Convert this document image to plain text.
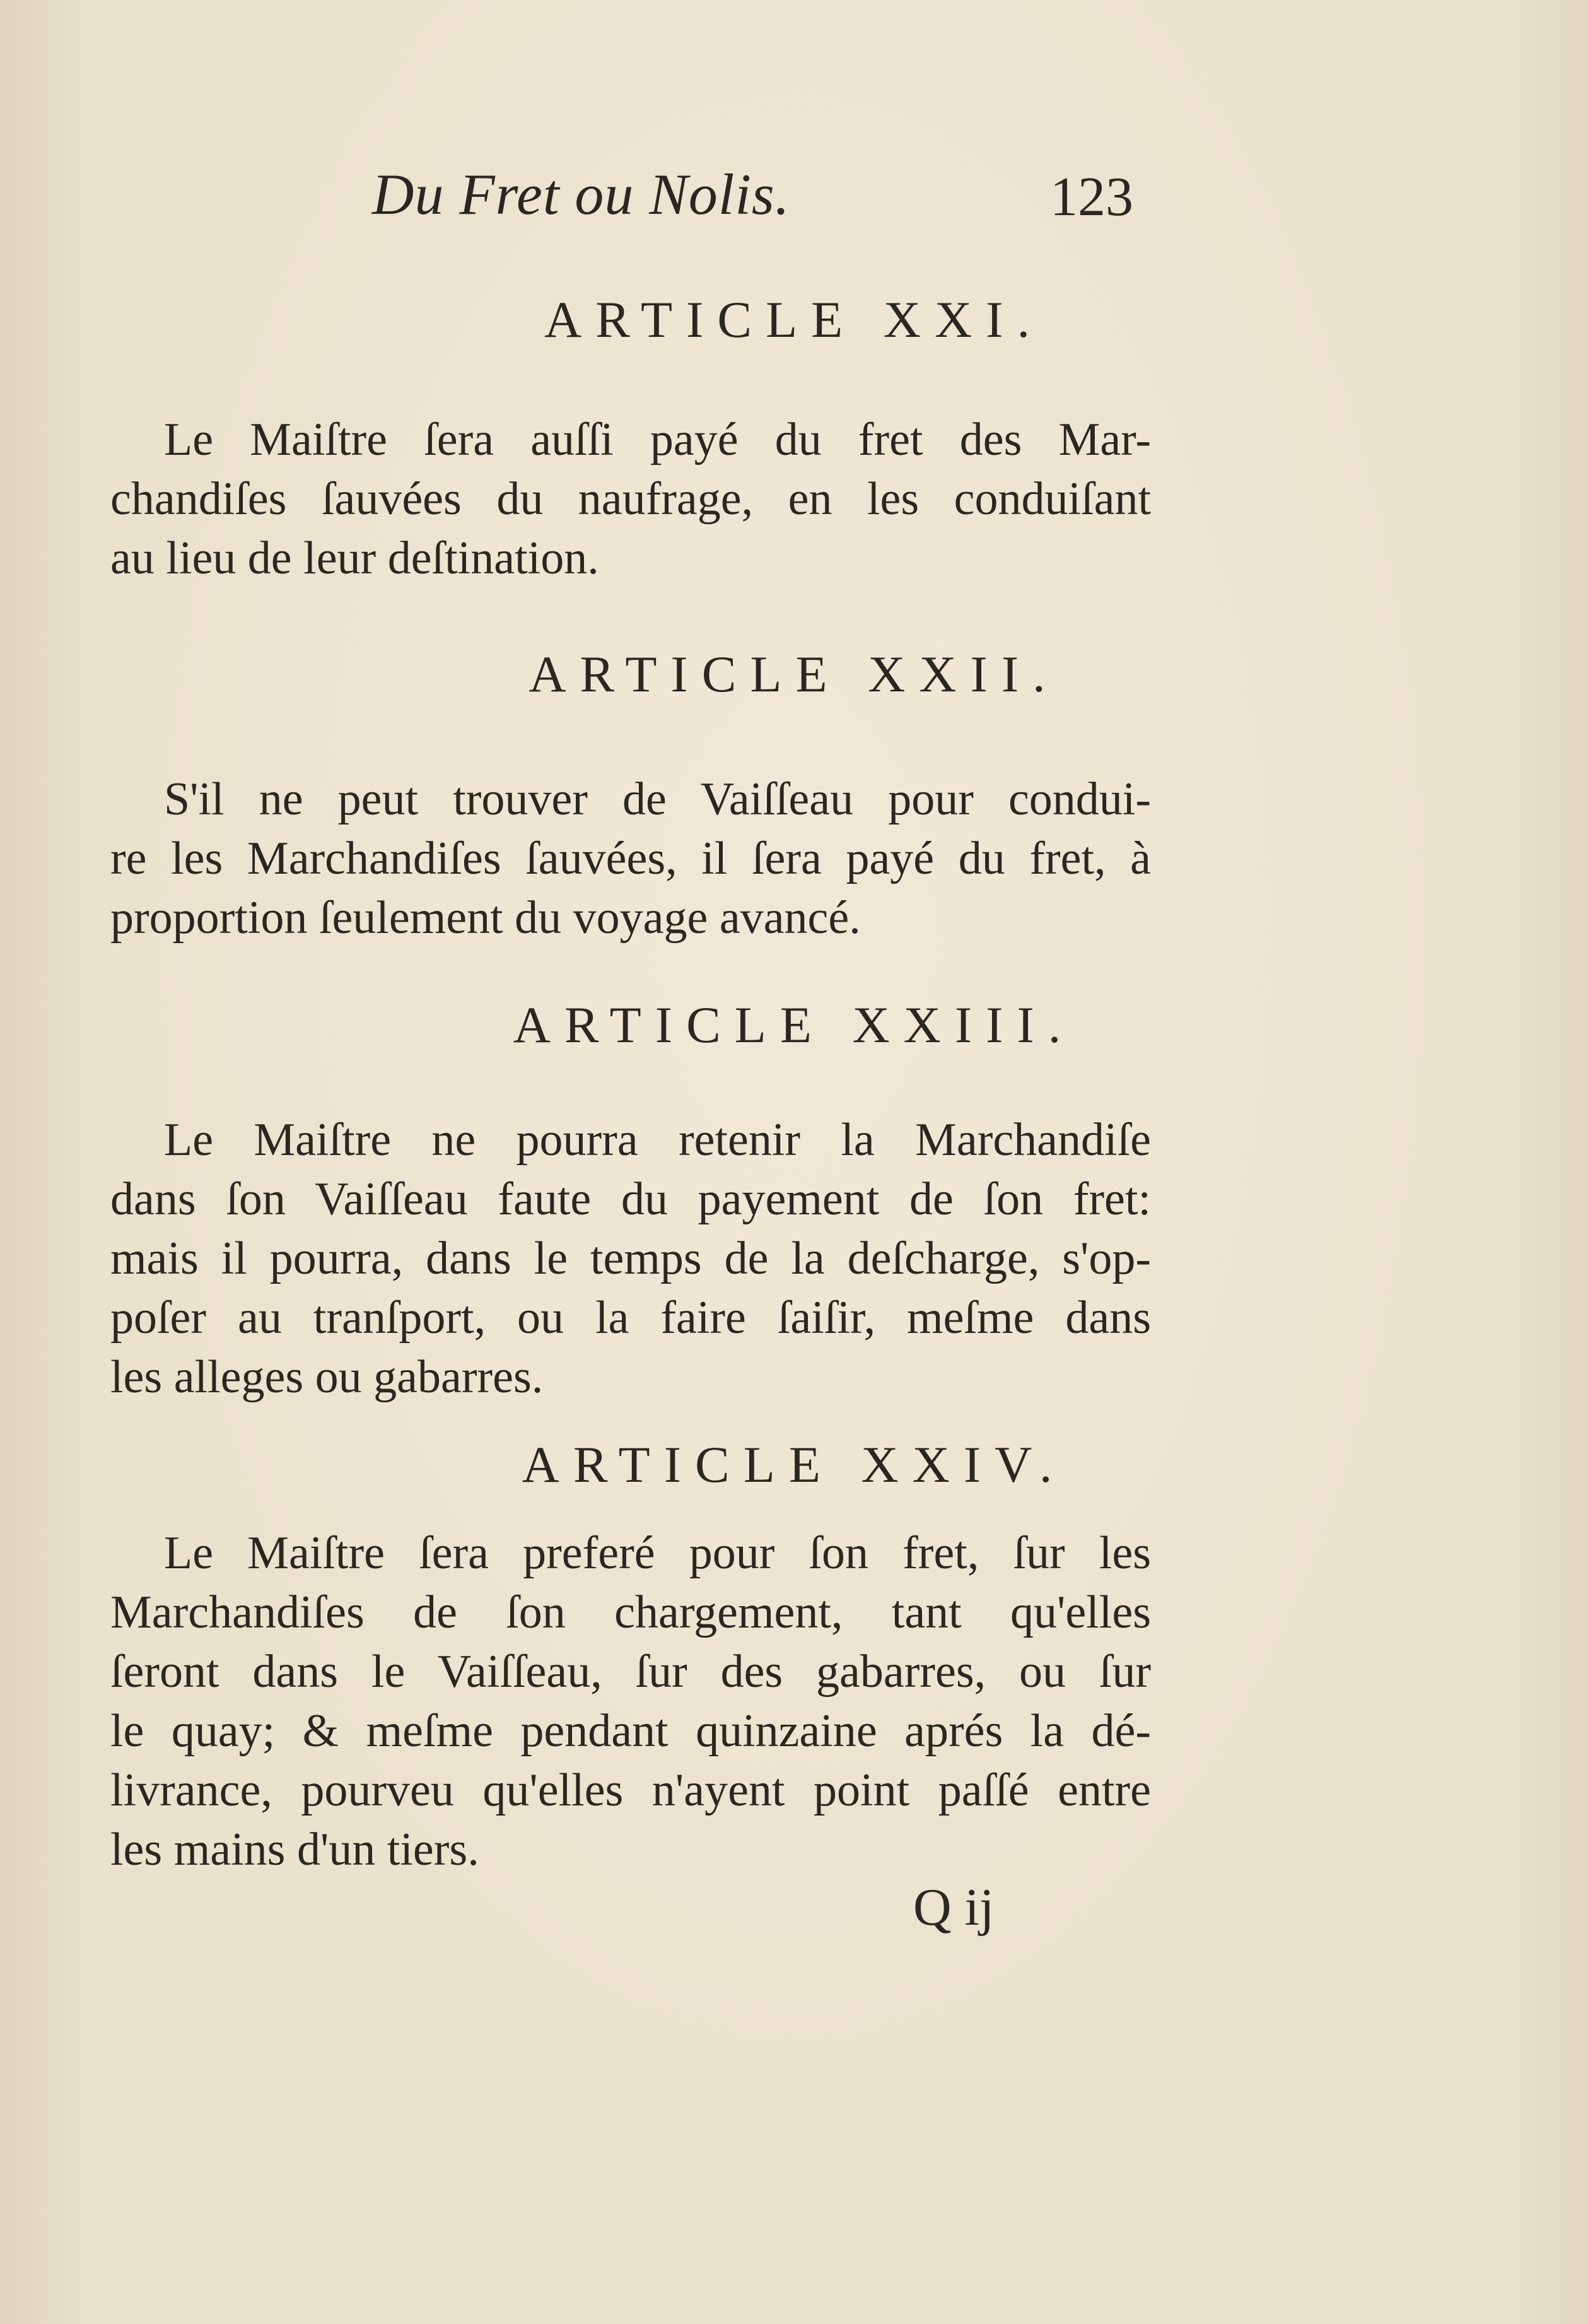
Du Fret ou Nolis.	123
ARTICLE XXI.
Le Maiſtre ſera auſſi payé du fret des Mar-
chandiſes ſauvées du naufrage, en les conduiſant
au lieu de leur deſtination.
ARTICLE XXII.
S'il ne peut trouver de Vaiſſeau pour condui-
re les Marchandiſes ſauvées, il ſera payé du fret, à
proportion ſeulement du voyage avancé.
ARTICLE XXIII.
Le Maiſtre ne pourra retenir la Marchandiſe
dans ſon Vaiſſeau faute du payement de ſon fret:
mais il pourra, dans le temps de la deſcharge, s'op-
poſer au tranſport, ou la faire ſaiſir, meſme dans
les alleges ou gabarres.
ARTICLE XXIV.
Le Maiſtre ſera preferé pour ſon fret, ſur les
Marchandiſes de ſon chargement, tant qu'elles
ſeront dans le Vaiſſeau, ſur des gabarres, ou ſur
le quay; & meſme pendant quinzaine aprés la dé-
livrance, pourveu qu'elles n'ayent point paſſé entre
les mains d'un tiers.
Q ij
